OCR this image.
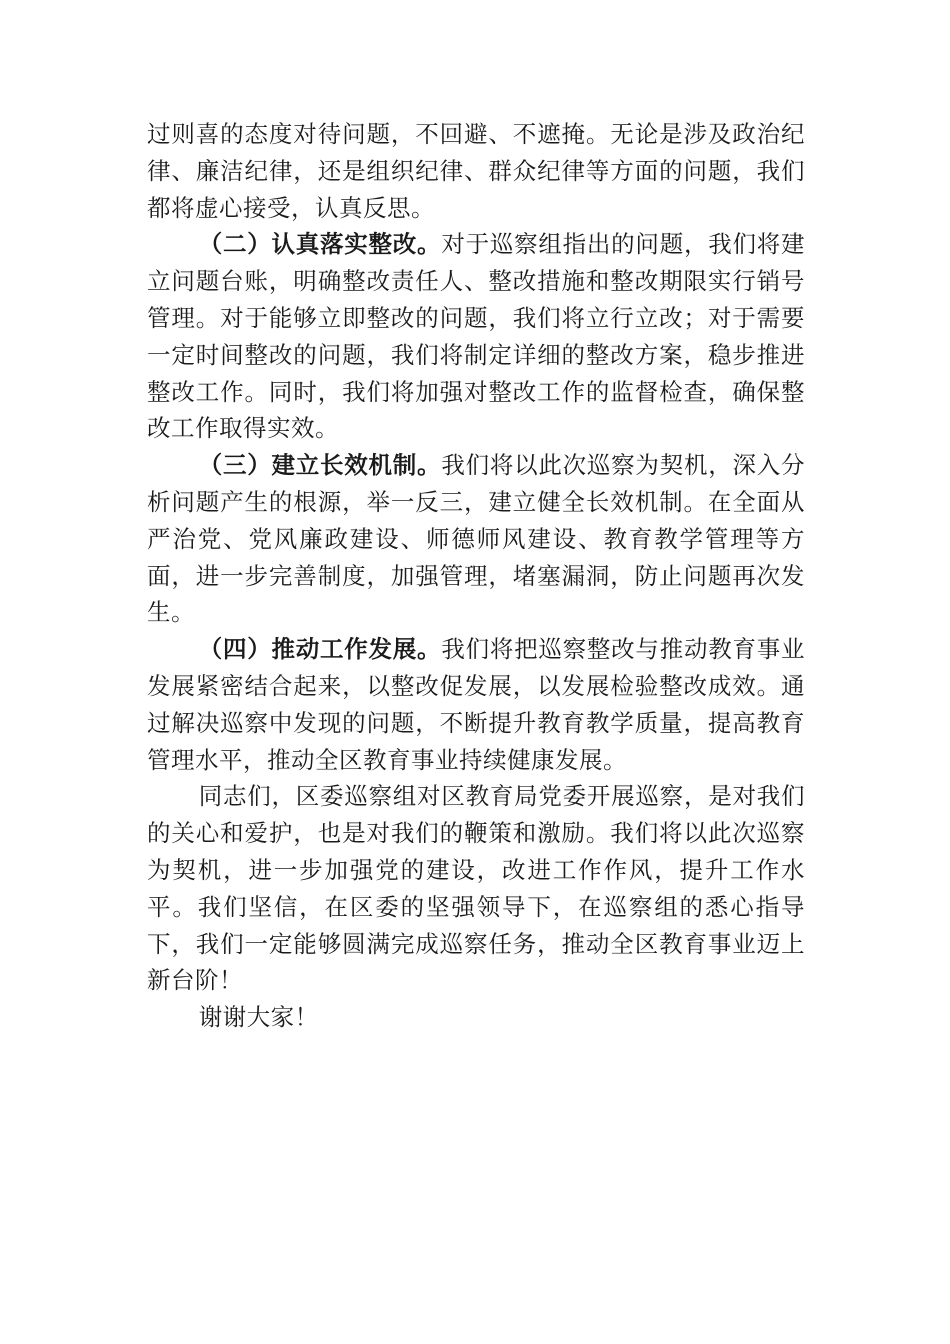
过则喜的态度对待问题，不回避、不遮掩。无论是涉及政治纪律、廉洁纪律，还是组织纪律、群众纪律等方面的问题，我们都将虚心接受，认真反思。

（二）认真落实整改。对于巡察组指出的问题，我们将建立问题台账，明确整改责任人、整改措施和整改期限实行销号管理。对于能够立即整改的问题，我们将立行立改；对于需要一定时间整改的问题，我们将制定详细的整改方案，稳步推进整改工作。同时，我们将加强对整改工作的监督检查，确保整改工作取得实效。

（三）建立长效机制。我们将以此次巡察为契机，深入分析问题产生的根源，举一反三，建立健全长效机制。在全面从严治党、党风廉政建设、师德师风建设、教育教学管理等方面，进一步完善制度，加强管理，堵塞漏洞，防止问题再次发生。

（四）推动工作发展。我们将把巡察整改与推动教育事业发展紧密结合起来，以整改促发展，以发展检验整改成效。通过解决巡察中发现的问题，不断提升教育教学质量，提高教育管理水平，推动全区教育事业持续健康发展。

同志们，区委巡察组对区教育局党委开展巡察，是对我们的关心和爱护，也是对我们的鞭策和激励。我们将以此次巡察为契机，进一步加强党的建设，改进工作作风，提升工作水平。我们坚信，在区委的坚强领导下，在巡察组的悉心指导下，我们一定能够圆满完成巡察任务，推动全区教育事业迈上新台阶！

谢谢大家！
